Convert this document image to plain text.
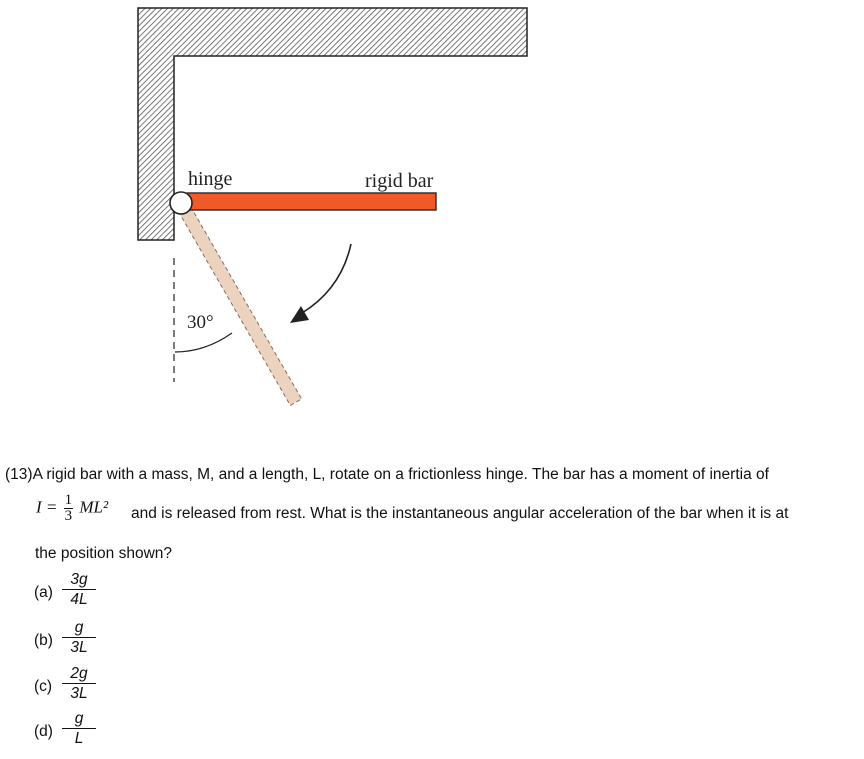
hinge	rigid bar
30°
(13)A rigid bar with a mass, M, and a length, L, rotate on a frictionless hinge. The bar has a moment of inertia of
$I = \frac{1}{3} ML^2$ and is released from rest. What is the instantaneous angular acceleration of the bar when it is at
the position shown?
$(a) \frac{3g}{4L}$
$(b) \frac{g}{3L}$
$(c) \frac{2g}{3L}$
$(d) \frac{g}{L}$
